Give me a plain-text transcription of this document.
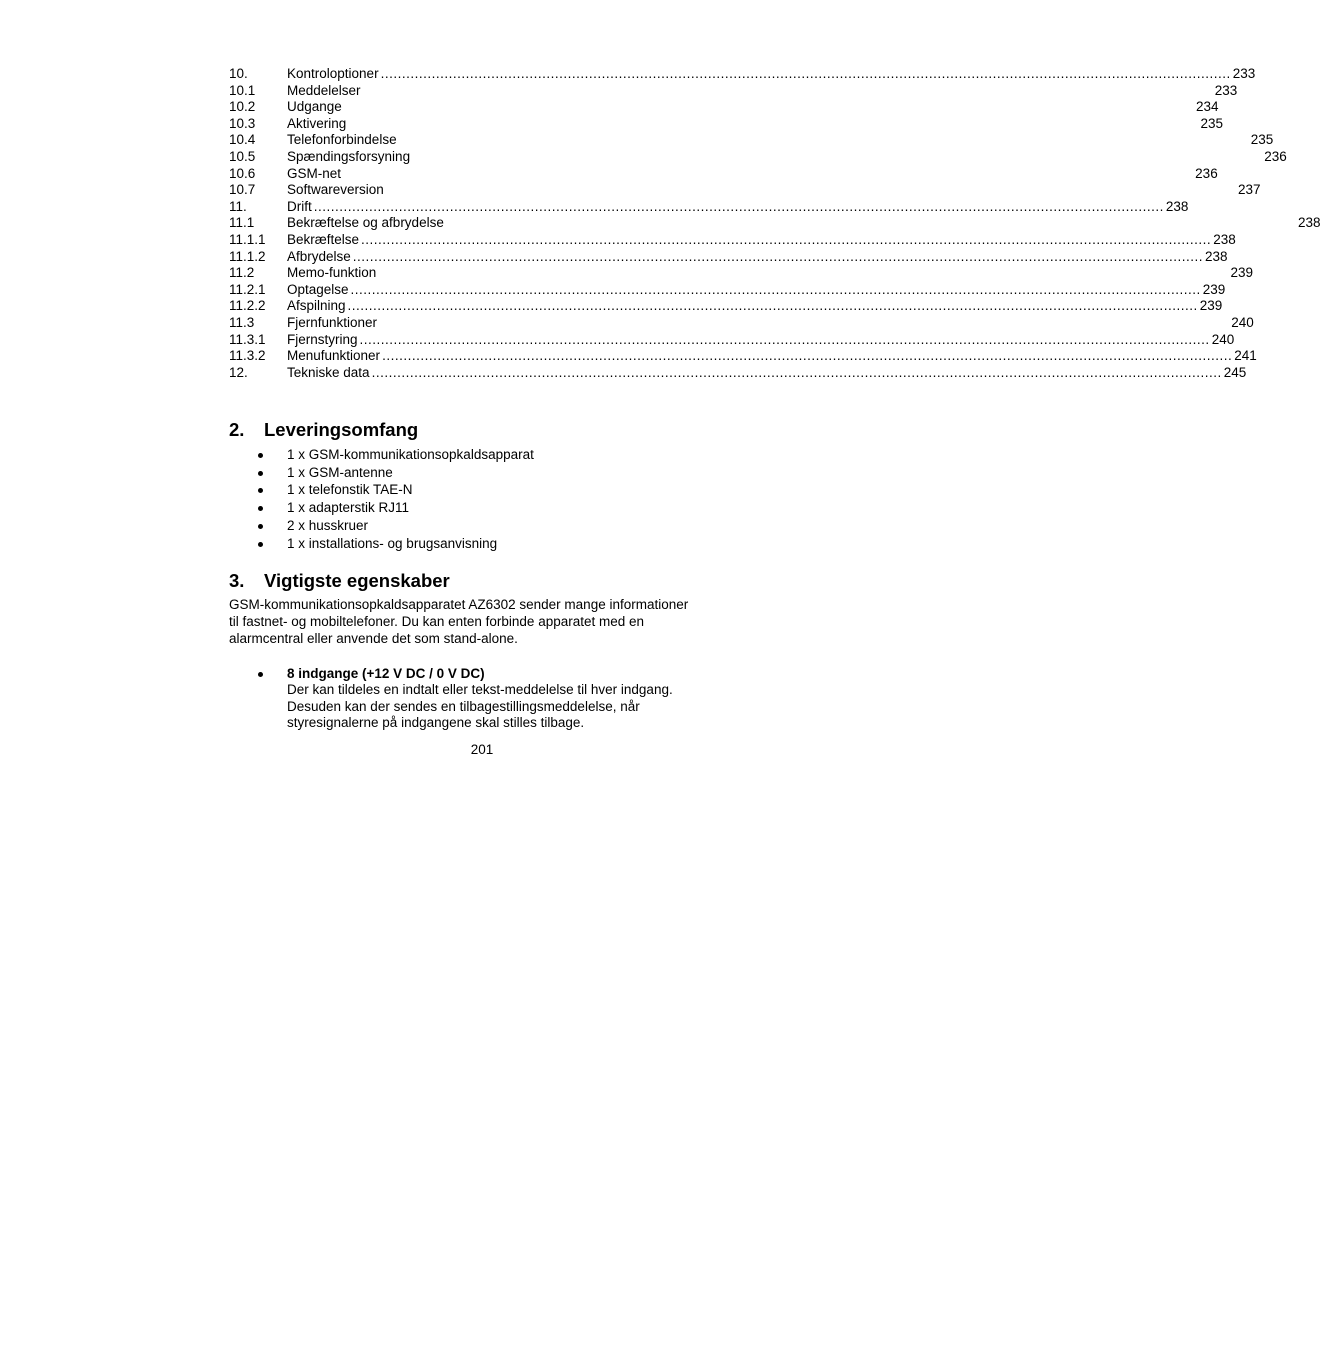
10.	Kontroloptioner ........................................................................................................................................................................................................ 233
10.1	Meddelelser	233
10.2	Udgange	234
10.3	Aktivering	235
10.4	Telefonforbindelse	235
10.5	Spændingsforsyning	236
10.6	GSM-net	236
10.7	Softwareversion	237
11.	Drift ........................................................................................................................................................................................................ 238
11.1	Bekræftelse og afbrydelse	238
11.1.1	Bekræftelse ........................................................................................................................................................................................................ 238
11.1.2	Afbrydelse ........................................................................................................................................................................................................ 238
11.2	Memo-funktion	239
11.2.1	Optagelse ........................................................................................................................................................................................................ 239
11.2.2	Afspilning ........................................................................................................................................................................................................ 239
11.3	Fjernfunktioner	240
11.3.1	Fjernstyring ........................................................................................................................................................................................................ 240
11.3.2	Menufunktioner ........................................................................................................................................................................................................ 241
12.	Tekniske data ........................................................................................................................................................................................................ 245
2.	Leveringsomfang
1 x GSM-kommunikationsopkaldsapparat
1 x GSM-antenne
1 x telefonstik TAE-N
1 x adapterstik RJ11
2 x husskruer
1 x installations- og brugsanvisning
3.	Vigtigste egenskaber

GSM-kommunikationsopkaldsapparatet AZ6302 sender mange informationer
til fastnet- og mobiltelefoner. Du kan enten forbinde apparatet med en
alarmcentral eller anvende det som stand-alone.

8 indgange (+12 V DC / 0 V DC)
Der kan tildeles en indtalt eller tekst-meddelelse til hver indgang.
Desuden kan der sendes en tilbagestillingsmeddelelse, når
styresignalerne på indgangene skal stilles tilbage.
201
